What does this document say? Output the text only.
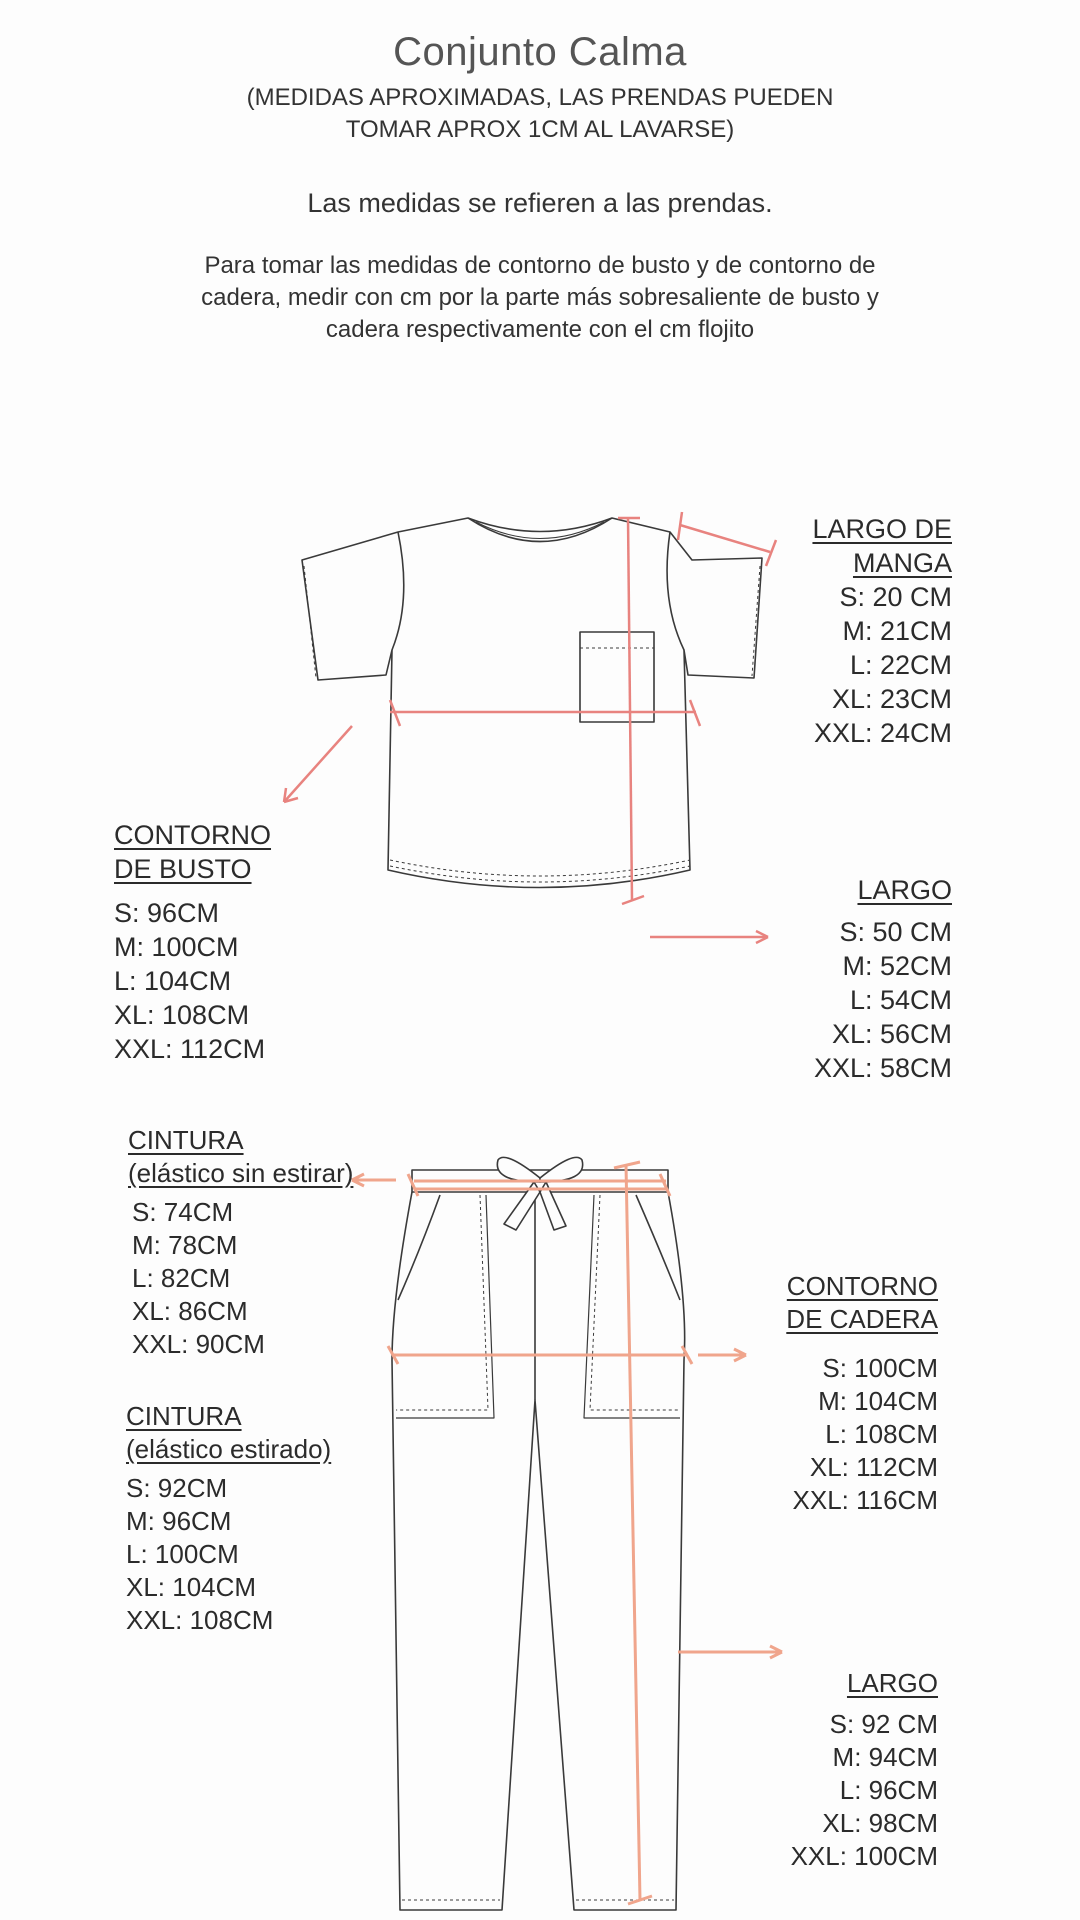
Conjunto Calma
(MEDIDAS APROXIMADAS, LAS PRENDAS PUEDEN
TOMAR APROX 1CM AL LAVARSE)
Las medidas se refieren a las prendas.
Para tomar las medidas de contorno de busto y de contorno de
cadera, medir con cm por la parte más sobresaliente de busto y
cadera respectivamente con el cm flojito
LARGO DE
MANGA
S: 20 CM
M: 21CM
L: 22CM
XL: 23CM
XXL: 24CM
CONTORNO
DE BUSTO
S: 96CM
M: 100CM
L: 104CM
XL: 108CM
XXL: 112CM
LARGO
S: 50 CM
M: 52CM
L: 54CM
XL: 56CM
XXL: 58CM
CINTURA
(elástico sin estirar)
S: 74CM
M: 78CM
L: 82CM
XL: 86CM
XXL: 90CM
CINTURA
(elástico estirado)
S: 92CM
M: 96CM
L: 100CM
XL: 104CM
XXL: 108CM
CONTORNO
DE CADERA
S: 100CM
M: 104CM
L: 108CM
XL: 112CM
XXL: 116CM
LARGO
S: 92 CM
M: 94CM
L: 96CM
XL: 98CM
XXL: 100CM
